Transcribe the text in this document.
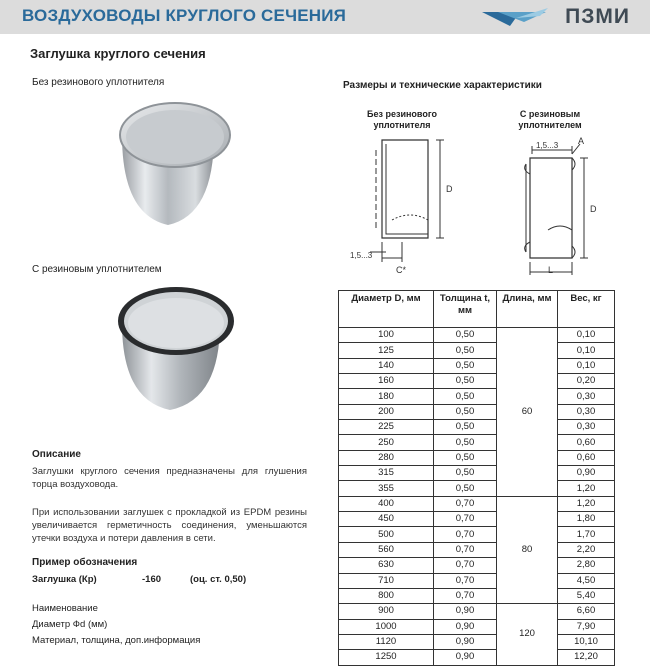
ВОЗДУХОВОДЫ КРУГЛОГО СЕЧЕНИЯ	ПЗМИ
Заглушка круглого сечения
Без резинового уплотнителя
С резиновым уплотнителем
Описание
Заглушки круглого сечения предназначены для глушения торца воздуховода.
При использовании заглушек с прокладкой из EPDM резины увеличивается герметичность соединения, уменьшаются утечки воздуха и потери давления в сети.
Пример обозначения
Заглушка (Кр)	-160	(оц. ст. 0,50)
Наименование
Диаметр Фd (мм)
Материал, толщина, доп.информация
Размеры и технические характеристики
Без резинового уплотнителя
С резиновым уплотнителем
D
1,5...3
C*
D
1,5...3 A
L
Диаметр D, мм	Толщина t, мм	Длина, мм	Вес, кг
100	0,50	60	0,10
125	0,50		0,10
140	0,50		0,10
160	0,50		0,20
180	0,50		0,30
200	0,50		0,30
225	0,50		0,30
250	0,50		0,60
280	0,50		0,60
315	0,50		0,90
355	0,50		1,20
400	0,70	80	1,20
450	0,70		1,80
500	0,70		1,70
560	0,70		2,20
630	0,70		2,80
710	0,70		4,50
800	0,70		5,40
900	0,90	120	6,60
1000	0,90		7,90
1120	0,90		10,10
1250	0,90		12,20
